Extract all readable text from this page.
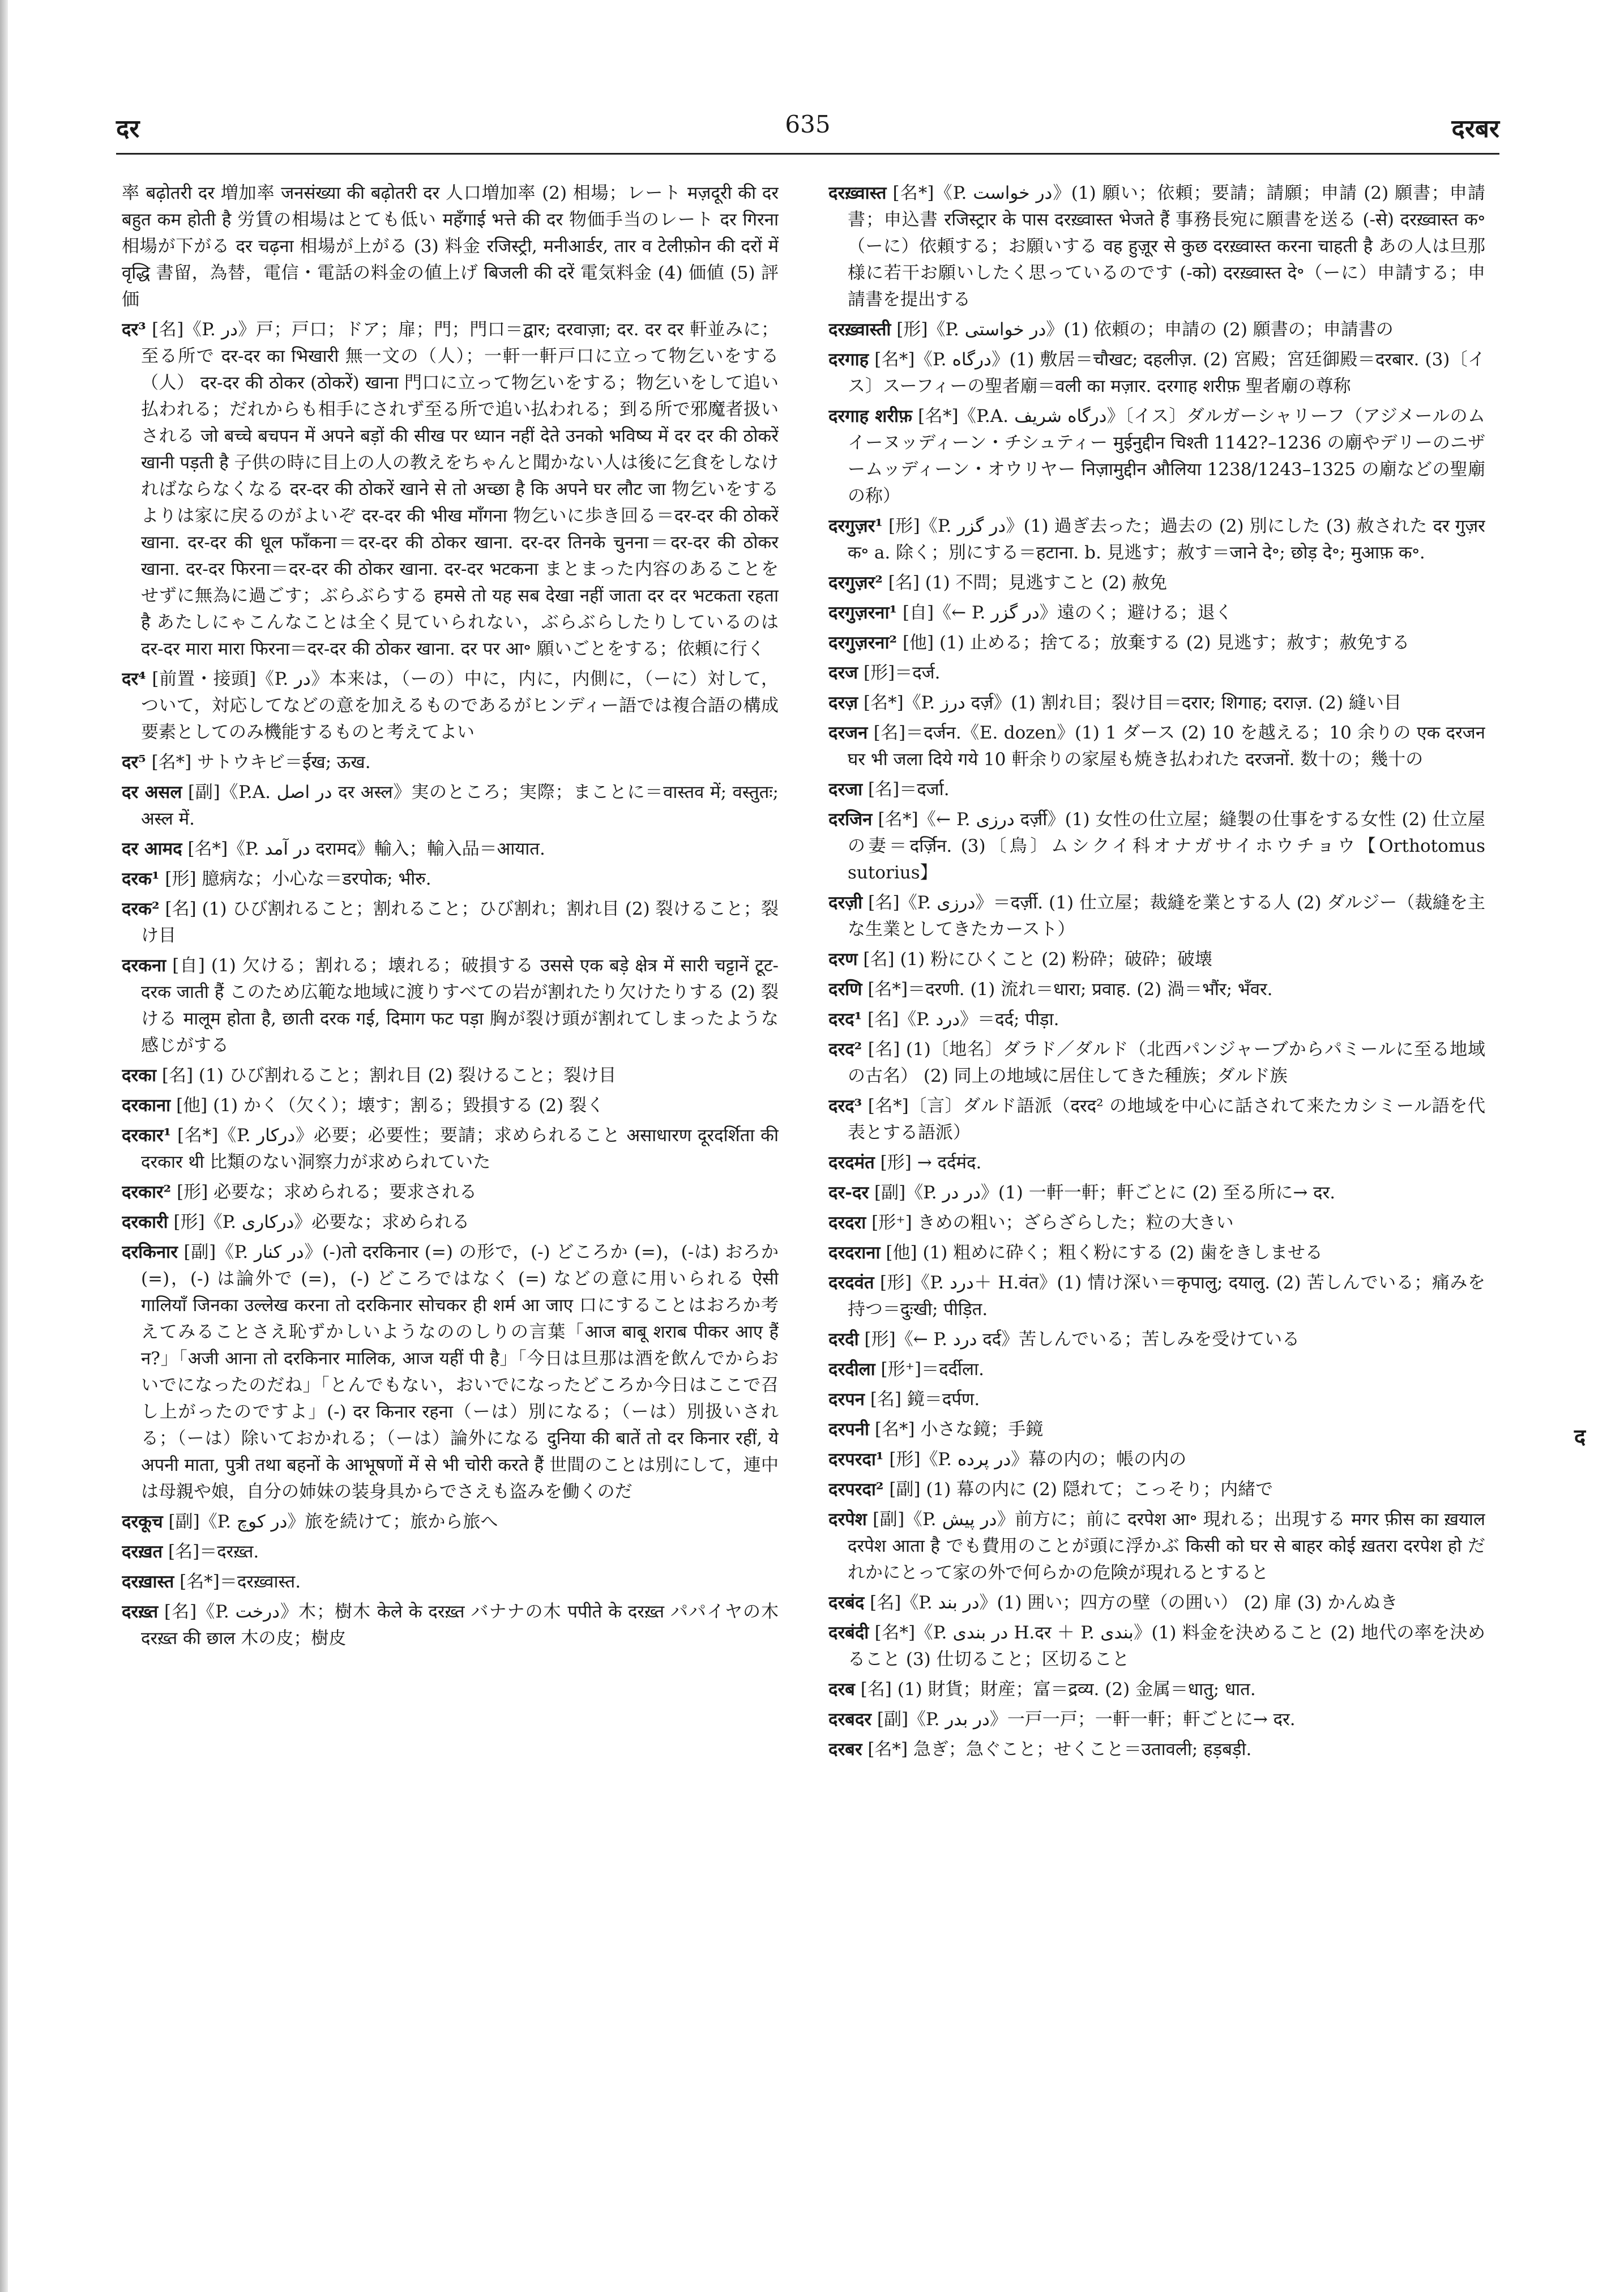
दर	635	दरबर

率 बढ़ोतरी दर 増加率 जनसंख्या की बढ़ोतरी दर 人口増加率 (2) 相場；レート मज़दूरी की दर बहुत कम होती है 労賃の相場はとても低い महँगाई भत्ते की दर 物価手当のレート दर गिरना 相場が下がる दर चढ़ना 相場が上がる (3) 料金 रजिस्ट्री, मनीआर्डर, तार व टेलीफ़ोन की दरों में वृद्धि 書留，為替，電信・電話の料金の値上げ बिजली की दरें 電気料金 (4) 価値 (5) 評価

दर³ [名]《P. در》戸；戸口；ドア；扉；門；門口＝द्वार; दरवाज़ा; दर. दर दर 軒並みに；至る所で दर-दर का भिखारी 無一文の（人）；一軒一軒戸口に立って物乞いをする（人） दर-दर की ठोकर (ठोकरें) खाना 門口に立って物乞いをする；物乞いをして追い払われる；だれからも相手にされず至る所で追い払われる；到る所で邪魔者扱いされる जो बच्चे बचपन में अपने बड़ों की सीख पर ध्यान नहीं देते उनको भविष्य में दर दर की ठोकरें खानी पड़ती है 子供の時に目上の人の教えをちゃんと聞かない人は後に乞食をしなければならなくなる दर-दर की ठोकरें खाने से तो अच्छा है कि अपने घर लौट जा 物乞いをするよりは家に戻るのがよいぞ दर-दर की भीख माँगना 物乞いに歩き回る＝दर-दर की ठोकरें खाना. दर-दर की धूल फाँकना＝दर-दर की ठोकर खाना. दर-दर तिनके चुनना＝दर-दर की ठोकर खाना. दर-दर फिरना＝दर-दर की ठोकर खाना. दर-दर भटकना まとまった内容のあることをせずに無為に過ごす；ぶらぶらする हमसे तो यह सब देखा नहीं जाता दर दर भटकता रहता है あたしにゃこんなことは全く見ていられない，ぶらぶらしたりしているのは दर-दर मारा मारा फिरना＝दर-दर की ठोकर खाना. दर पर आ॰ 願いごとをする；依頼に行く

दर⁴ [前置・接頭]《P. در》本来は，（ーの）中に，内に，内側に，（ーに）対して，ついて，対応してなどの意を加えるものであるがヒンディー語では複合語の構成要素としてのみ機能するものと考えてよい

दर⁵ [名*] サトウキビ＝ईख; ऊख.

दर असल [副]《P.A. در اصل दर अस्ल》実のところ；実際；まことに＝वास्तव में; वस्तुतः; अस्ल में.

दर आमद [名*]《P. در آمد दरामद》輸入；輸入品＝आयात.

दरक¹ [形] 臆病な；小心な＝डरपोक; भीरु.

दरक² [名] (1) ひび割れること；割れること；ひび割れ；割れ目 (2) 裂けること；裂け目

दरकना [自] (1) 欠ける；割れる；壊れる；破損する उससे एक बड़े क्षेत्र में सारी चट्टानें टूट-दरक जाती हैं このため広範な地域に渡りすべての岩が割れたり欠けたりする (2) 裂ける मालूम होता है, छाती दरक गई, दिमाग फट पड़ा 胸が裂け頭が割れてしまったような感じがする

दरका [名] (1) ひび割れること；割れ目 (2) 裂けること；裂け目

दरकाना [他] (1) かく（欠く）；壊す；割る；毀損する (2) 裂く

दरकार¹ [名*]《P. درکار》必要；必要性；要請；求められること असाधारण दूरदर्शिता की दरकार थी 比類のない洞察力が求められていた

दरकार² [形] 必要な；求められる；要求される

दरकारी [形]《P. درکاری》必要な；求められる

दरकिनार [副]《P. در کنار》(-)तो दरकिनार (=) の形で，(-) どころか (=)，(-は) おろか (=)，(-) は論外で (=)，(-) どころではなく (=) などの意に用いられる ऐसी गालियाँ जिनका उल्लेख करना तो दरकिनार सोचकर ही शर्म आ जाए 口にすることはおろか考えてみることさえ恥ずかしいようなののしりの言葉「आज बाबू शराब पीकर आए हैं न?」「अजी आना तो दरकिनार मालिक, आज यहीं पी है」「今日は旦那は酒を飲んでからおいでになったのだね」「とんでもない，おいでになったどころか今日はここで召し上がったのですよ」(-) दर किनार रहना（ーは）別になる；（ーは）別扱いされる；（ーは）除いておかれる；（ーは）論外になる दुनिया की बातें तो दर किनार रहीं, ये अपनी माता, पुत्री तथा बहनों के आभूषणों में से भी चोरी करते हैं 世間のことは別にして，連中は母親や娘，自分の姉妹の装身具からでさえも盗みを働くのだ

दरकूच [副]《P. در کوچ》旅を続けて；旅から旅へ

दरख़त [名]＝दरख़्त.

दरख़ास्त [名*]＝दरख़्वास्त.

दरख़्त [名]《P. درخت》木；樹木 केले के दरख़्त バナナの木 पपीते के दरख़्त パパイヤの木 दरख़्त की छाल 木の皮；樹皮

दरख़्वास्त [名*]《P. در خواست》(1) 願い；依頼；要請；請願；申請 (2) 願書；申請書；申込書 रजिस्ट्रार के पास दरख़्वास्त भेजते हैं 事務長宛に願書を送る (-से) दरख़्वास्त क॰（ーに）依頼する；お願いする वह हुज़ूर से कुछ दरख़्वास्त करना चाहती है あの人は旦那様に若干お願いしたく思っているのです (-को) दरख़्वास्त दे॰（ーに）申請する；申請書を提出する

दरख़्वास्ती [形]《P. در خواستی》(1) 依頼の；申請の (2) 願書の；申請書の

दरगाह [名*]《P. درگاه》(1) 敷居＝चौखट; दहलीज़. (2) 宮殿；宮廷御殿＝दरबार. (3)〔イス〕スーフィーの聖者廟＝वली का मज़ार. दरगाह शरीफ़ 聖者廟の尊称

दरगाह शरीफ़ [名*]《P.A. درگاه شریف》〔イス〕ダルガーシャリーフ（アジメールのムイーヌッディーン・チシュティー मुईनुद्दीन चिश्ती 1142?–1236 の廟やデリーのニザームッディーン・オウリヤー निज़ामुद्दीन औलिया 1238/1243–1325 の廟などの聖廟の称）

दरगुज़र¹ [形]《P. در گزر》(1) 過ぎ去った；過去の (2) 別にした (3) 赦された दर गुज़र क॰ a. 除く；別にする＝हटाना. b. 見逃す；赦す＝जाने दे॰; छोड़ दे॰; मुआफ़ क॰.

दरगुज़र² [名] (1) 不問；見逃すこと (2) 赦免

दरगुज़रना¹ [自]《← P. در گزر》遠のく；避ける；退く

दरगुज़रना² [他] (1) 止める；捨てる；放棄する (2) 見逃す；赦す；赦免する

दरज [形]＝दर्ज.

दरज़ [名*]《P. درز दर्ज़》(1) 割れ目；裂け目＝दरार; शिगाह; दराज़. (2) 縫い目

दरजन [名]＝दर्जन.《E. dozen》(1) 1 ダース (2) 10 を越える；10 余りの एक दरजन घर भी जला दिये गये 10 軒余りの家屋も焼き払われた दरजनों. 数十の；幾十の

दरजा [名]＝दर्जा.

दरजिन [名*]《← P. درزی दर्ज़ी》(1) 女性の仕立屋；縫製の仕事をする女性 (2) 仕立屋の妻＝दर्ज़िन. (3)〔鳥〕ムシクイ科オナガサイホウチョウ【Orthotomus sutorius】

दरज़ी [名]《P. درزی》＝दर्ज़ी. (1) 仕立屋；裁縫を業とする人 (2) ダルジー（裁縫を主な生業としてきたカースト）

दरण [名] (1) 粉にひくこと (2) 粉砕；破砕；破壊

दरणि [名*]＝दरणी. (1) 流れ＝धारा; प्रवाह. (2) 渦＝भौंर; भँवर.

दरद¹ [名]《P. درد》＝दर्द; पीड़ा.

दरद² [名] (1)〔地名〕ダラド／ダルド（北西パンジャーブからパミールに至る地域の古名） (2) 同上の地域に居住してきた種族；ダルド族

दरद³ [名*]〔言〕ダルド語派（दरद² の地域を中心に話されて来たカシミール語を代表とする語派）

दरदमंत [形] → दर्दमंद.

दर-दर [副]《P. در در》(1) 一軒一軒；軒ごとに (2) 至る所に→ दर.

दरदरा [形⁺] きめの粗い；ざらざらした；粒の大きい

दरदराना [他] (1) 粗めに砕く；粗く粉にする (2) 歯をきしませる

दरदवंत [形]《P. درد＋ H.वंत》(1) 情け深い＝कृपालु; दयालु. (2) 苦しんでいる；痛みを持つ＝दुःखी; पीड़ित.

दरदी [形]《← P. درد दर्द》苦しんでいる；苦しみを受けている

दरदीला [形⁺]＝दर्दीला.

दरपन [名] 鏡＝दर्पण.

दरपनी [名*] 小さな鏡；手鏡

दरपरदा¹ [形]《P. در پرده》幕の内の；帳の内の

दरपरदा² [副] (1) 幕の内に (2) 隠れて；こっそり；内緒で

दरपेश [副]《P. در پیش》前方に；前に दरपेश आ॰ 現れる；出現する मगर फ़ीस का ख़याल दरपेश आता है でも費用のことが頭に浮かぶ किसी को घर से बाहर कोई ख़तरा दरपेश हो だれかにとって家の外で何らかの危険が現れるとすると

दरबंद [名]《P. در بند》(1) 囲い；四方の壁（の囲い） (2) 扉 (3) かんぬき

दरबंदी [名*]《P. در بندی H.दर ＋ P. بندی》(1) 料金を決めること (2) 地代の率を決めること (3) 仕切ること；区切ること

दरब [名] (1) 財貨；財産；富＝द्रव्य. (2) 金属＝धातु; धात.

दरबदर [副]《P. در بدر》一戸一戸；一軒一軒；軒ごとに→ दर.

दरबर [名*] 急ぎ；急ぐこと；せくこと＝उतावली; हड़बड़ी.

द
